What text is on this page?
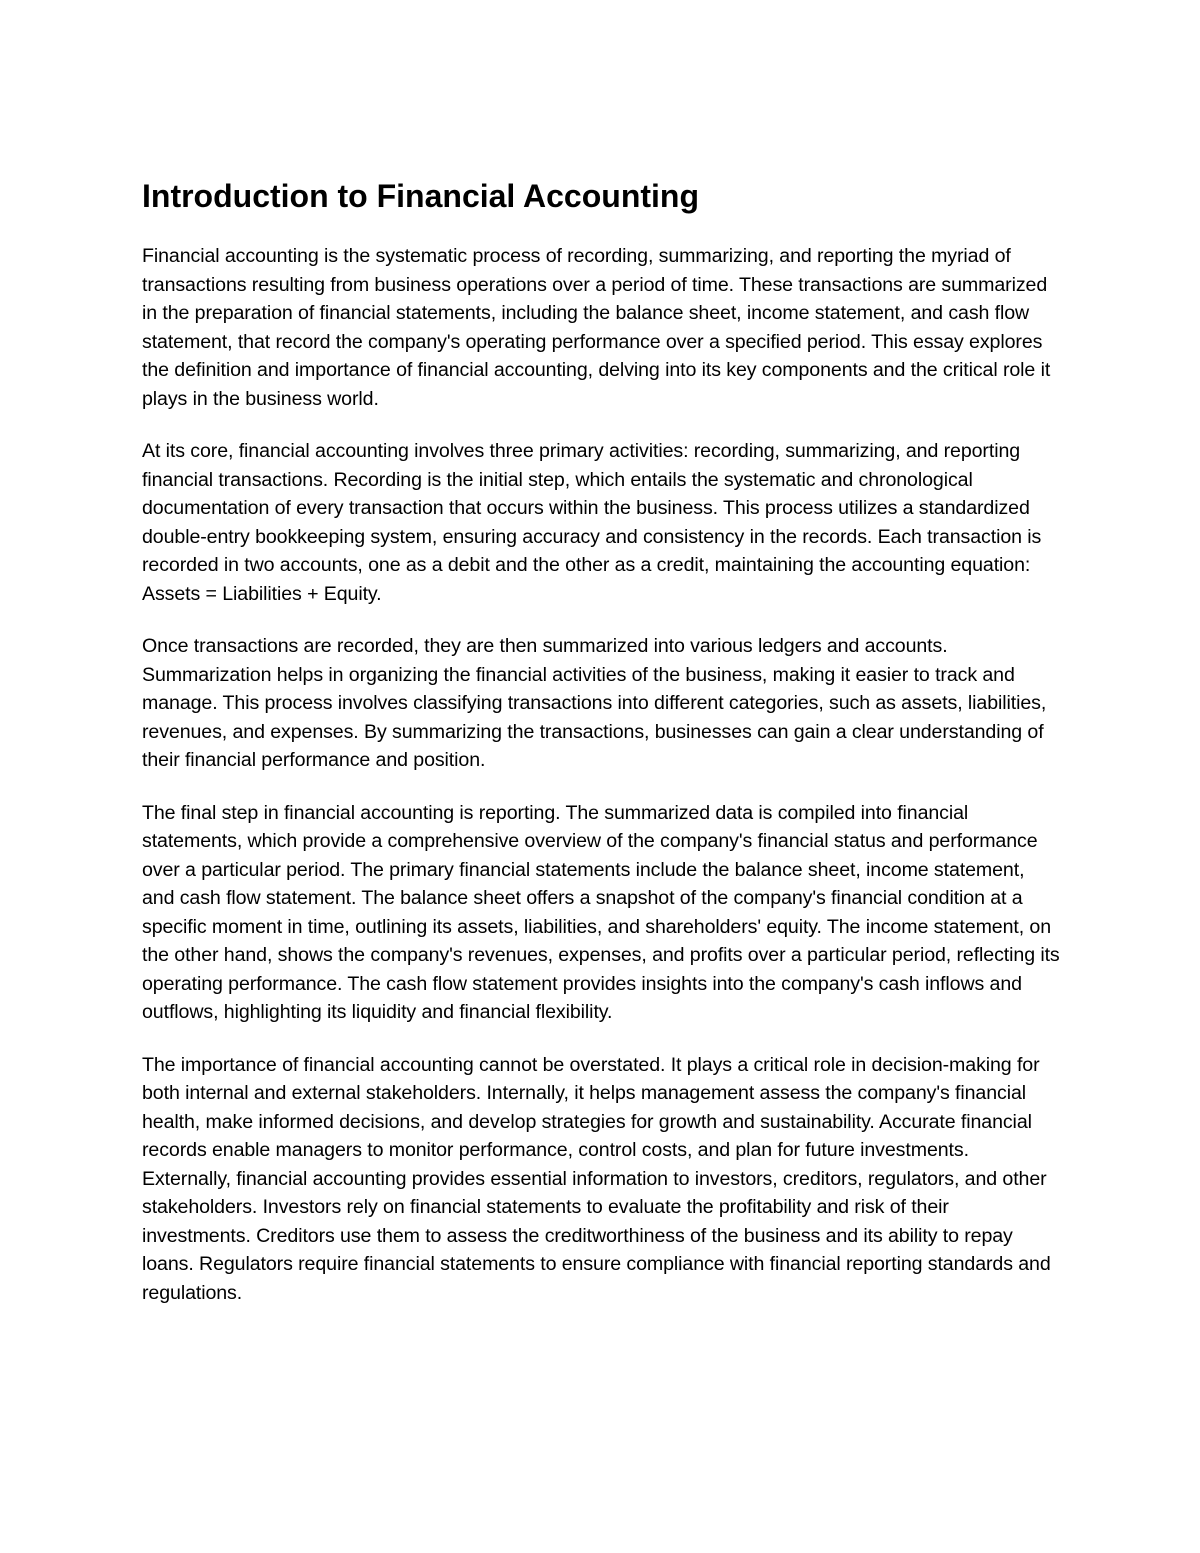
Introduction to Financial Accounting

Financial accounting is the systematic process of recording, summarizing, and reporting the myriad of transactions resulting from business operations over a period of time. These transactions are summarized in the preparation of financial statements, including the balance sheet, income statement, and cash flow statement, that record the company's operating performance over a specified period. This essay explores the definition and importance of financial accounting, delving into its key components and the critical role it plays in the business world.

At its core, financial accounting involves three primary activities: recording, summarizing, and reporting financial transactions. Recording is the initial step, which entails the systematic and chronological documentation of every transaction that occurs within the business. This process utilizes a standardized double-entry bookkeeping system, ensuring accuracy and consistency in the records. Each transaction is recorded in two accounts, one as a debit and the other as a credit, maintaining the accounting equation: Assets = Liabilities + Equity.

Once transactions are recorded, they are then summarized into various ledgers and accounts. Summarization helps in organizing the financial activities of the business, making it easier to track and manage. This process involves classifying transactions into different categories, such as assets, liabilities, revenues, and expenses. By summarizing the transactions, businesses can gain a clear understanding of their financial performance and position.

The final step in financial accounting is reporting. The summarized data is compiled into financial statements, which provide a comprehensive overview of the company's financial status and performance over a particular period. The primary financial statements include the balance sheet, income statement, and cash flow statement. The balance sheet offers a snapshot of the company's financial condition at a specific moment in time, outlining its assets, liabilities, and shareholders' equity. The income statement, on the other hand, shows the company's revenues, expenses, and profits over a particular period, reflecting its operating performance. The cash flow statement provides insights into the company's cash inflows and outflows, highlighting its liquidity and financial flexibility.

The importance of financial accounting cannot be overstated. It plays a critical role in decision-making for both internal and external stakeholders. Internally, it helps management assess the company's financial health, make informed decisions, and develop strategies for growth and sustainability. Accurate financial records enable managers to monitor performance, control costs, and plan for future investments. Externally, financial accounting provides essential information to investors, creditors, regulators, and other stakeholders. Investors rely on financial statements to evaluate the profitability and risk of their investments. Creditors use them to assess the creditworthiness of the business and its ability to repay loans. Regulators require financial statements to ensure compliance with financial reporting standards and regulations.
